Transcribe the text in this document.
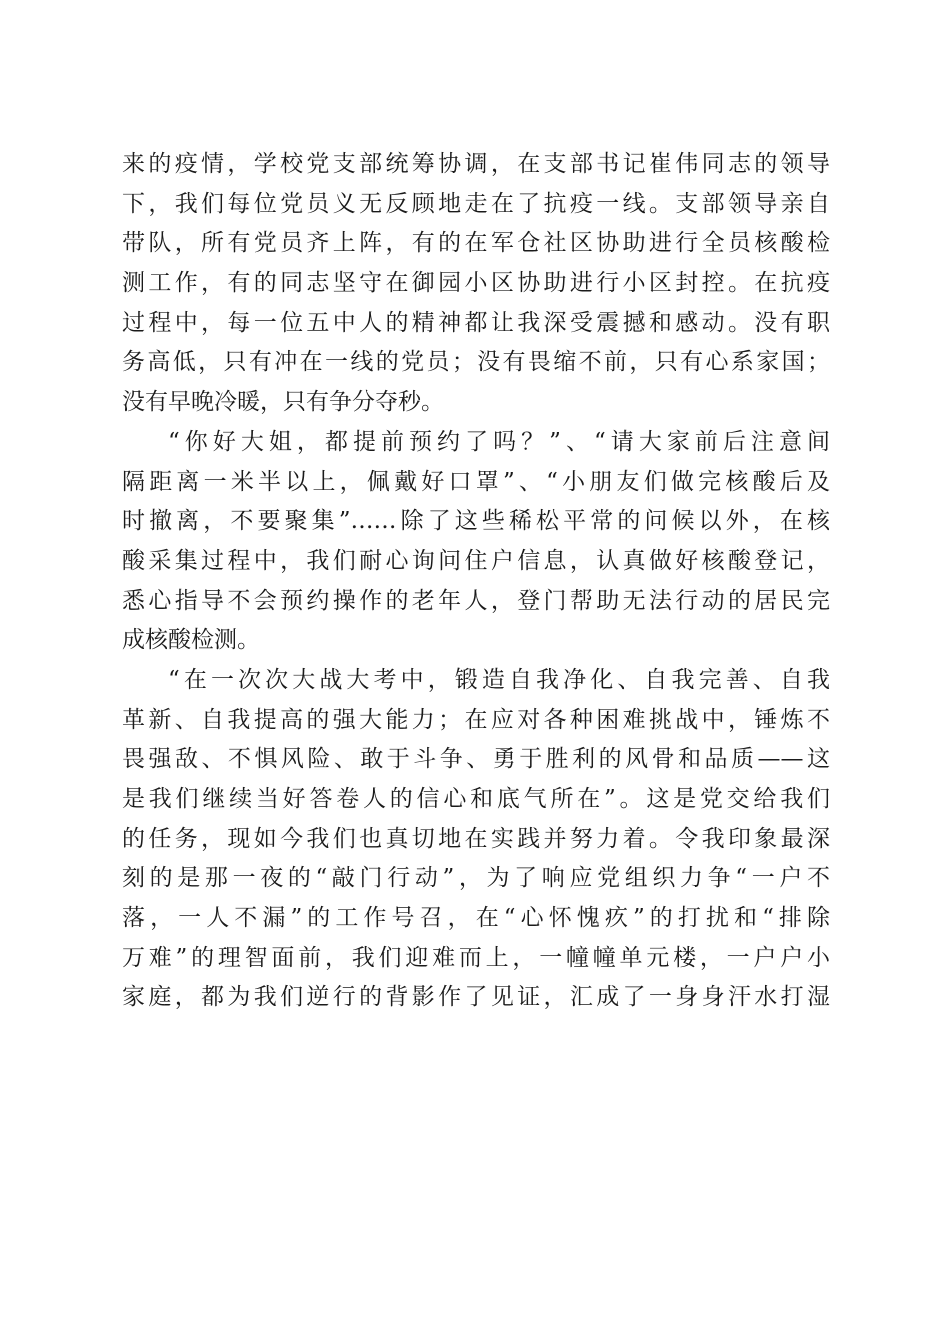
来的疫情，学校党支部统筹协调，在支部书记崔伟同志的领导
下，我们每位党员义无反顾地走在了抗疫一线。支部领导亲自
带队，所有党员齐上阵，有的在军仓社区协助进行全员核酸检
测工作，有的同志坚守在御园小区协助进行小区封控。在抗疫
过程中，每一位五中人的精神都让我深受震撼和感动。没有职
务高低，只有冲在一线的党员；没有畏缩不前，只有心系家国；
没有早晚冷暖，只有争分夺秒。
“你好大姐，都提前预约了吗？”、“请大家前后注意间
隔距离一米半以上，佩戴好口罩”、“小朋友们做完核酸后及
时撤离，不要聚集”……除了这些稀松平常的问候以外，在核
酸采集过程中，我们耐心询问住户信息，认真做好核酸登记，
悉心指导不会预约操作的老年人，登门帮助无法行动的居民完
成核酸检测。
“在一次次大战大考中，锻造自我净化、自我完善、自我
革新、自我提高的强大能力；在应对各种困难挑战中，锤炼不
畏强敌、不惧风险、敢于斗争、勇于胜利的风骨和品质——这
是我们继续当好答卷人的信心和底气所在”。这是党交给我们
的任务，现如今我们也真切地在实践并努力着。令我印象最深
刻的是那一夜的“敲门行动”，为了响应党组织力争“一户不
落，一人不漏”的工作号召，在“心怀愧疚”的打扰和“排除
万难”的理智面前，我们迎难而上，一幢幢单元楼，一户户小
家庭，都为我们逆行的背影作了见证，汇成了一身身汗水打湿
